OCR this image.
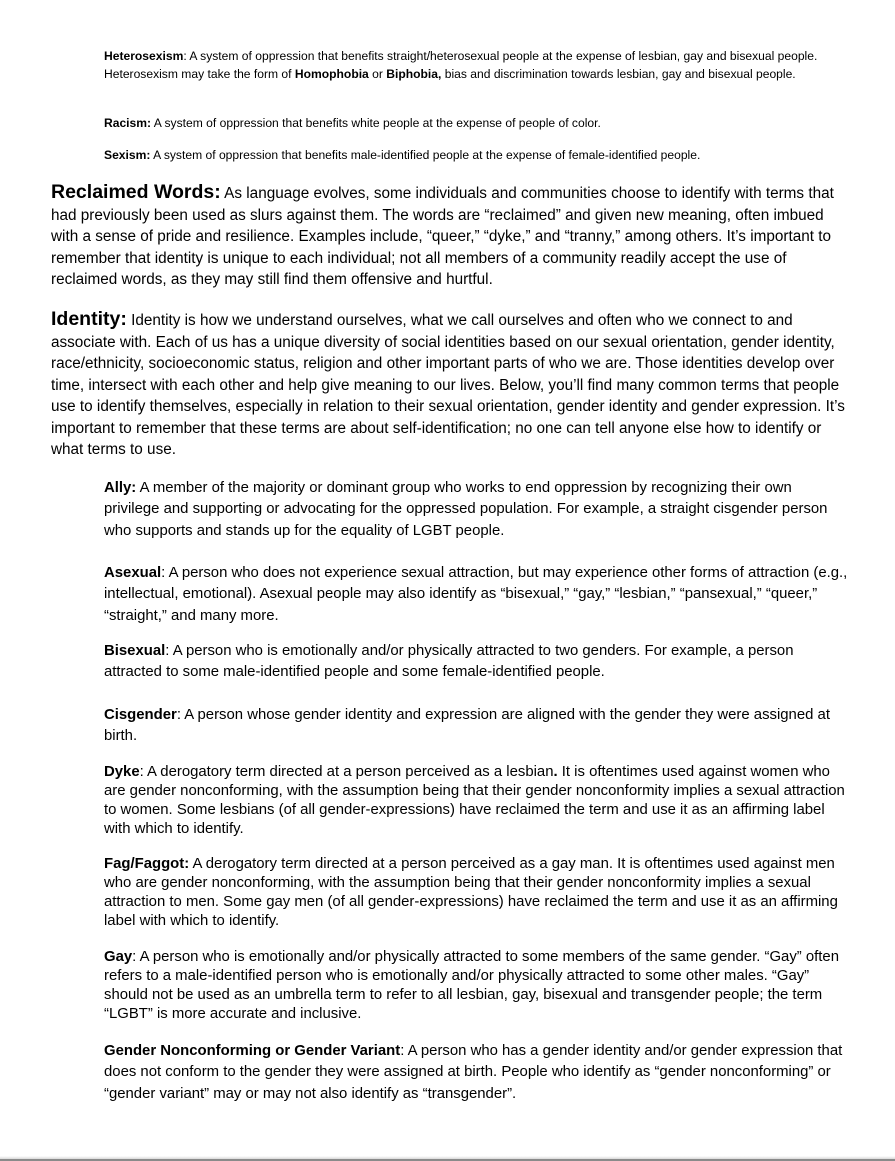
Heterosexism: A system of oppression that benefits straight/heterosexual people at the expense of lesbian, gay and bisexual people. Heterosexism may take the form of Homophobia or Biphobia, bias and discrimination towards lesbian, gay and bisexual people.

Racism: A system of oppression that benefits white people at the expense of people of color.

Sexism: A system of oppression that benefits male-identified people at the expense of female-identified people.

Reclaimed Words: As language evolves, some individuals and communities choose to identify with terms that had previously been used as slurs against them. The words are “reclaimed” and given new meaning, often imbued with a sense of pride and resilience. Examples include, “queer,” “dyke,” and “tranny,” among others. It’s important to remember that identity is unique to each individual; not all members of a community readily accept the use of reclaimed words, as they may still find them offensive and hurtful.

Identity: Identity is how we understand ourselves, what we call ourselves and often who we connect to and associate with. Each of us has a unique diversity of social identities based on our sexual orientation, gender identity, race/ethnicity, socioeconomic status, religion and other important parts of who we are. Those identities develop over time, intersect with each other and help give meaning to our lives. Below, you’ll find many common terms that people use to identify themselves, especially in relation to their sexual orientation, gender identity and gender expression. It’s important to remember that these terms are about self-identification; no one can tell anyone else how to identify or what terms to use.

Ally: A member of the majority or dominant group who works to end oppression by recognizing their own privilege and supporting or advocating for the oppressed population. For example, a straight cisgender person who supports and stands up for the equality of LGBT people.

Asexual: A person who does not experience sexual attraction, but may experience other forms of attraction (e.g., intellectual, emotional). Asexual people may also identify as “bisexual,” “gay,” “lesbian,” “pansexual,” “queer,” “straight,” and many more.

Bisexual: A person who is emotionally and/or physically attracted to two genders. For example, a person attracted to some male-identified people and some female-identified people.

Cisgender: A person whose gender identity and expression are aligned with the gender they were assigned at birth.

Dyke: A derogatory term directed at a person perceived as a lesbian. It is oftentimes used against women who are gender nonconforming, with the assumption being that their gender nonconformity implies a sexual attraction to women. Some lesbians (of all gender-expressions) have reclaimed the term and use it as an affirming label with which to identify.

Fag/Faggot: A derogatory term directed at a person perceived as a gay man. It is oftentimes used against men who are gender nonconforming, with the assumption being that their gender nonconformity implies a sexual attraction to men. Some gay men (of all gender-expressions) have reclaimed the term and use it as an affirming label with which to identify.

Gay: A person who is emotionally and/or physically attracted to some members of the same gender. “Gay” often refers to a male-identified person who is emotionally and/or physically attracted to some other males. “Gay” should not be used as an umbrella term to refer to all lesbian, gay, bisexual and transgender people; the term “LGBT” is more accurate and inclusive.

Gender Nonconforming or Gender Variant: A person who has a gender identity and/or gender expression that does not conform to the gender they were assigned at birth. People who identify as “gender nonconforming” or “gender variant” may or may not also identify as “transgender”.
